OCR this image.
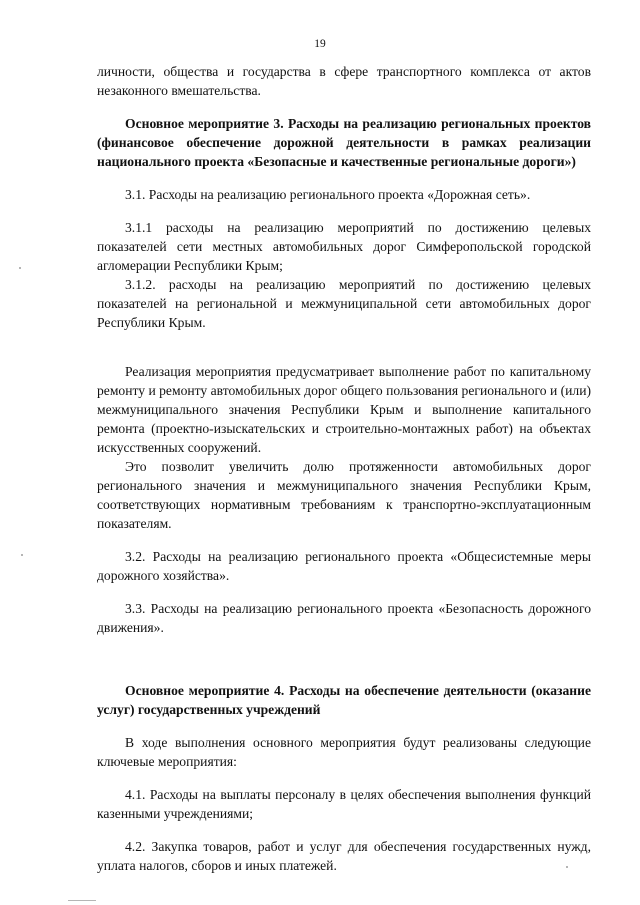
19

личности, общества и государства в сфере транспортного комплекса от актов незаконного вмешательства.

Основное мероприятие 3. Расходы на реализацию региональных проектов (финансовое обеспечение дорожной деятельности в рамках реализации национального проекта «Безопасные и качественные региональные дороги»)

3.1. Расходы на реализацию регионального проекта «Дорожная сеть».

3.1.1 расходы на реализацию мероприятий по достижению целевых показателей сети местных автомобильных дорог Симферопольской городской агломерации Республики Крым;

3.1.2. расходы на реализацию мероприятий по достижению целевых показателей на региональной и межмуниципальной сети автомобильных дорог Республики Крым.

Реализация мероприятия предусматривает выполнение работ по капитальному ремонту и ремонту автомобильных дорог общего пользования регионального и (или) межмуниципального значения Республики Крым и выполнение капитального ремонта (проектно-изыскательских и строительно-монтажных работ) на объектах искусственных сооружений.

Это позволит увеличить долю протяженности автомобильных дорог регионального значения и межмуниципального значения Республики Крым, соответствующих нормативным требованиям к транспортно-эксплуатационным показателям.

3.2. Расходы на реализацию регионального проекта «Общесистемные меры дорожного хозяйства».

3.3. Расходы на реализацию регионального проекта «Безопасность дорожного движения».

Основное мероприятие 4. Расходы на обеспечение деятельности (оказание услуг) государственных учреждений

В ходе выполнения основного мероприятия будут реализованы следующие ключевые мероприятия:

4.1. Расходы на выплаты персоналу в целях обеспечения выполнения функций казенными учреждениями;

4.2. Закупка товаров, работ и услуг для обеспечения государственных нужд, уплата налогов, сборов и иных платежей.
